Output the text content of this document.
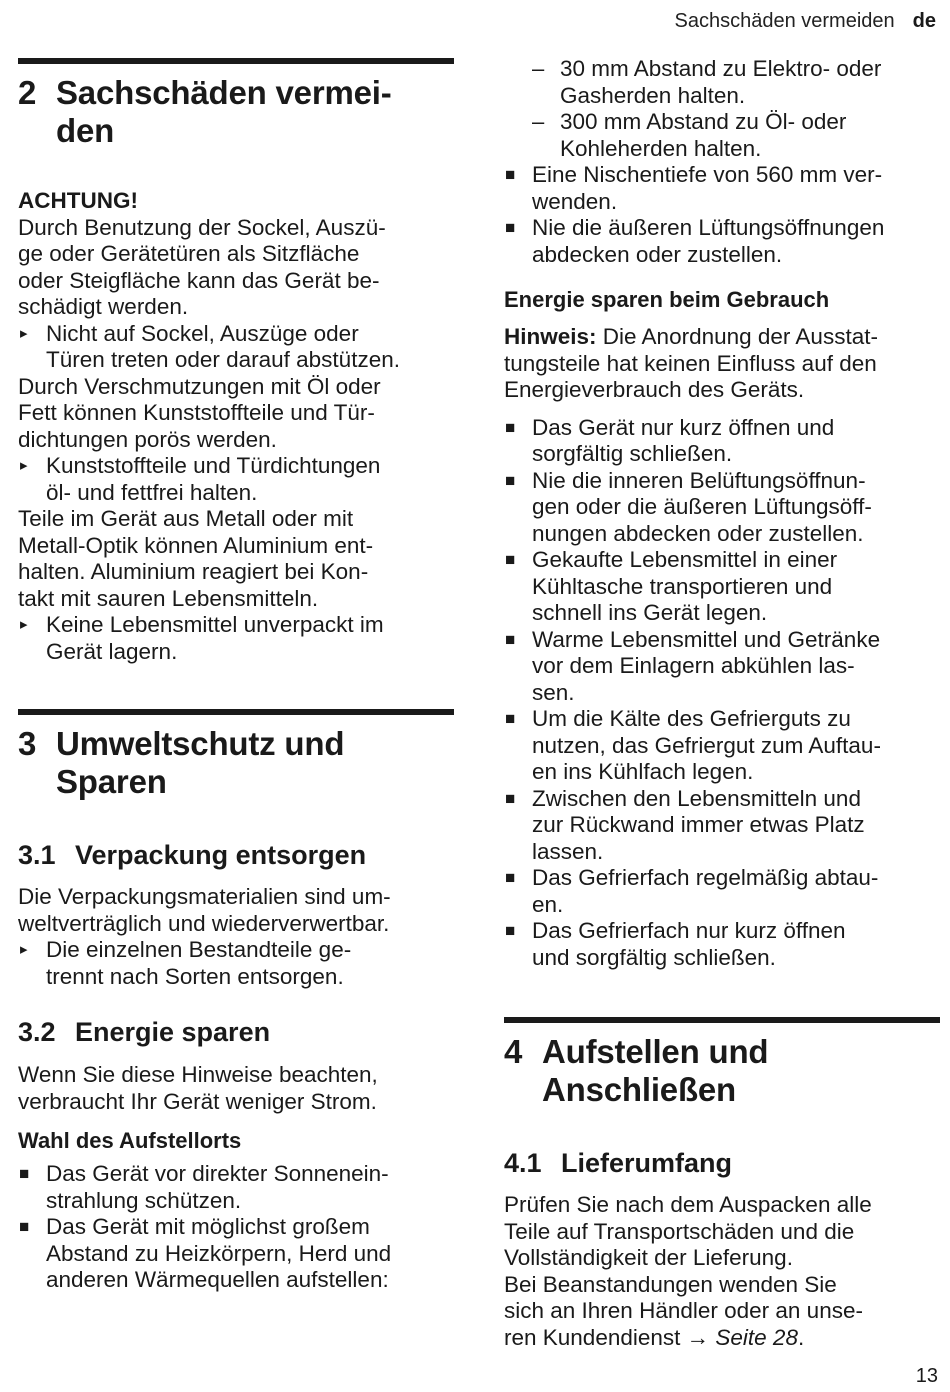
Sachschäden vermeiden de
2 Sachschäden vermei-
den
ACHTUNG!
Durch Benutzung der Sockel, Auszü-
ge oder Gerätetüren als Sitzfläche
oder Steigfläche kann das Gerät be-
schädigt werden.
▸ Nicht auf Sockel, Auszüge oder
Türen treten oder darauf abstützen.
Durch Verschmutzungen mit Öl oder
Fett können Kunststoffteile und Tür-
dichtungen porös werden.
▸ Kunststoffteile und Türdichtungen
öl- und fettfrei halten.
Teile im Gerät aus Metall oder mit
Metall-Optik können Aluminium ent-
halten. Aluminium reagiert bei Kon-
takt mit sauren Lebensmitteln.
▸ Keine Lebensmittel unverpackt im
Gerät lagern.
3 Umweltschutz und
Sparen
3.1 Verpackung entsorgen
Die Verpackungsmaterialien sind um-
weltverträglich und wiederverwertbar.
▸ Die einzelnen Bestandteile ge-
trennt nach Sorten entsorgen.
3.2 Energie sparen
Wenn Sie diese Hinweise beachten,
verbraucht Ihr Gerät weniger Strom.
Wahl des Aufstellorts
■ Das Gerät vor direkter Sonnenein-
strahlung schützen.
■ Das Gerät mit möglichst großem
Abstand zu Heizkörpern, Herd und
anderen Wärmequellen aufstellen:
– 30 mm Abstand zu Elektro- oder
Gasherden halten.
– 300 mm Abstand zu Öl- oder
Kohleherden halten.
■ Eine Nischentiefe von 560 mm ver-
wenden.
■ Nie die äußeren Lüftungsöffnungen
abdecken oder zustellen.
Energie sparen beim Gebrauch
Hinweis: Die Anordnung der Ausstat-
tungsteile hat keinen Einfluss auf den
Energieverbrauch des Geräts.
■ Das Gerät nur kurz öffnen und
sorgfältig schließen.
■ Nie die inneren Belüftungsöffnun-
gen oder die äußeren Lüftungsöff-
nungen abdecken oder zustellen.
■ Gekaufte Lebensmittel in einer
Kühltasche transportieren und
schnell ins Gerät legen.
■ Warme Lebensmittel und Getränke
vor dem Einlagern abkühlen las-
sen.
■ Um die Kälte des Gefrierguts zu
nutzen, das Gefriergut zum Auftau-
en ins Kühlfach legen.
■ Zwischen den Lebensmitteln und
zur Rückwand immer etwas Platz
lassen.
■ Das Gefrierfach regelmäßig abtau-
en.
■ Das Gefrierfach nur kurz öffnen
und sorgfältig schließen.
4 Aufstellen und
Anschließen
4.1 Lieferumfang
Prüfen Sie nach dem Auspacken alle
Teile auf Transportschäden und die
Vollständigkeit der Lieferung.
Bei Beanstandungen wenden Sie
sich an Ihren Händler oder an unse-
ren Kundendienst → Seite 28.
13
